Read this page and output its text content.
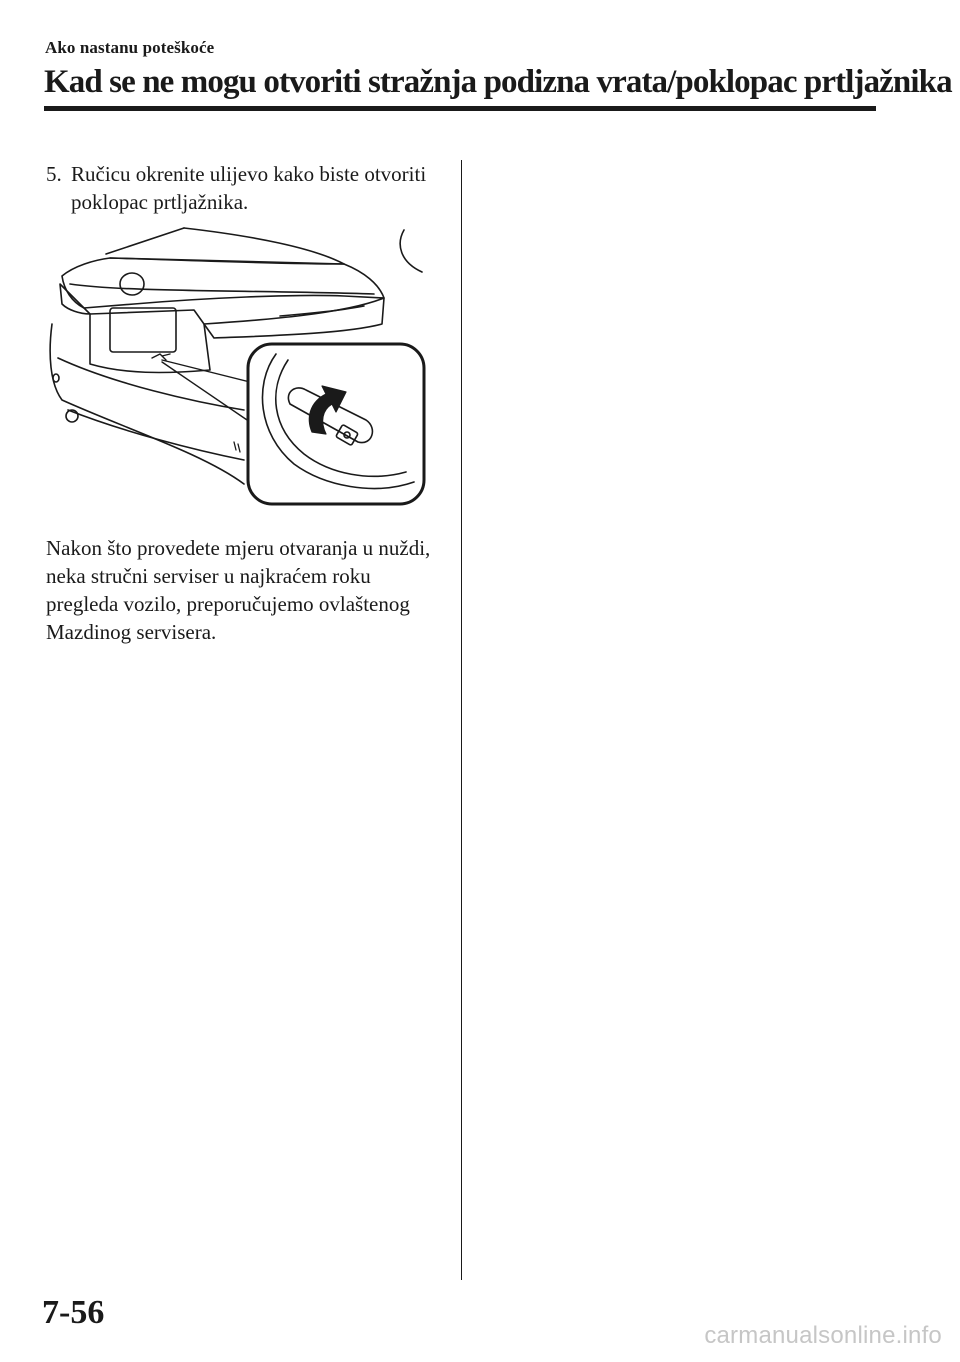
Ako nastanu poteškoće
Kad se ne mogu otvoriti stražnja podizna vrata/poklopac prtljažnika
5. Ručicu okrenite ulijevo kako biste otvoriti poklopac prtljažnika.

Nakon što provedete mjeru otvaranja u nuždi, neka stručni serviser u najkraćem roku pregleda vozilo, preporučujemo ovlaštenog Mazdinog servisera.

7-56
carmanualsonline.info
